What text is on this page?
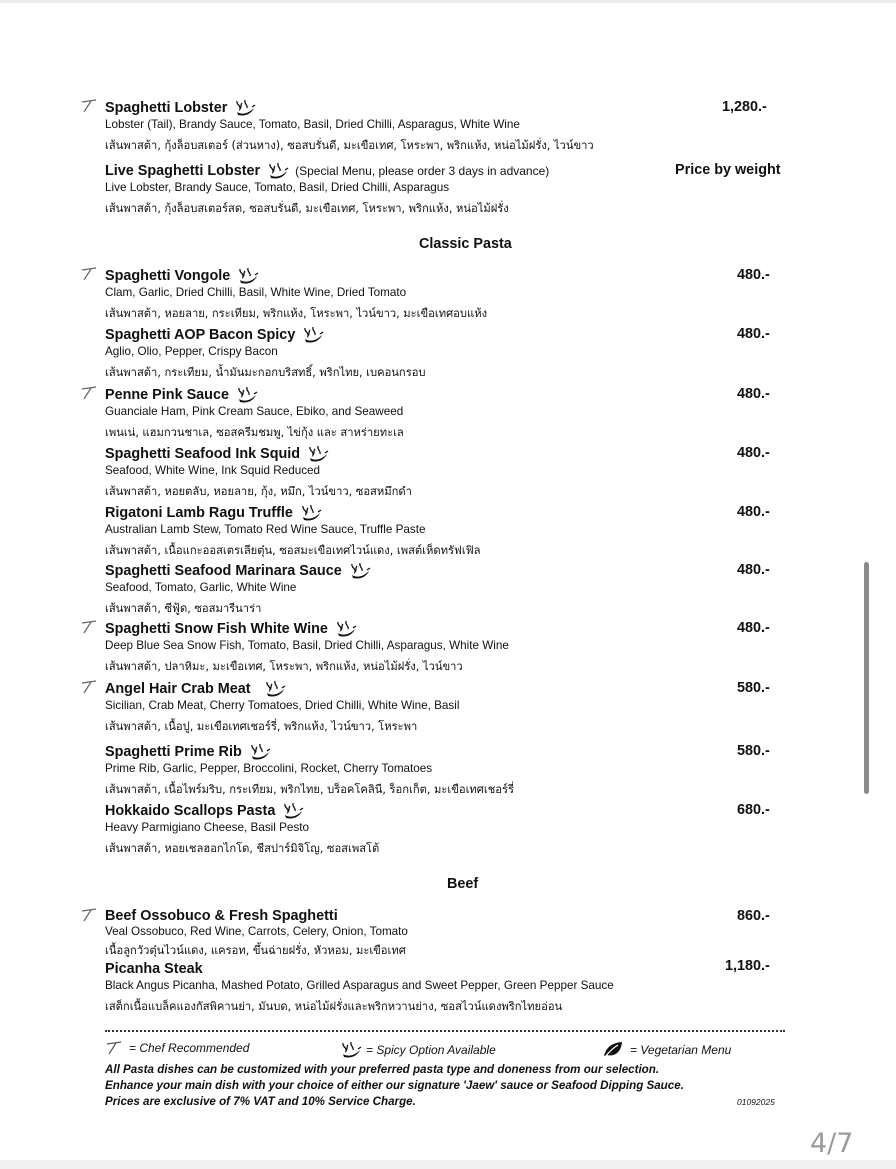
Spaghetti Lobster	1,280.-
Lobster (Tail), Brandy Sauce, Tomato, Basil, Dried Chilli, Asparagus, White Wine
เส้นพาสต้า, กุ้งล็อบสเตอร์ (ส่วนหาง), ซอสบรั่นดี, มะเขือเทศ, โหระพา, พริกแห้ง, หน่อไม้ฝรั่ง, ไวน์ขาว
Live Spaghetti Lobster	(Special Menu, please order 3 days in advance)	Price by weight
Live Lobster, Brandy Sauce, Tomato, Basil, Dried Chilli, Asparagus
เส้นพาสต้า, กุ้งล็อบสเตอร์สด, ซอสบรั่นดี, มะเขือเทศ, โหระพา, พริกแห้ง, หน่อไม้ฝรั่ง
Classic Pasta
Spaghetti Vongole	480.-
Clam, Garlic, Dried Chilli, Basil, White Wine, Dried Tomato
เส้นพาสต้า, หอยลาย, กระเทียม, พริกแห้ง, โหระพา, ไวน์ขาว, มะเขือเทศอบแห้ง
Spaghetti AOP Bacon Spicy	480.-
Aglio, Olio, Pepper, Crispy Bacon
เส้นพาสต้า, กระเทียม, น้ำมันมะกอกบริสทธิ์, พริกไทย, เบคอนกรอบ
Penne Pink Sauce	480.-
Guanciale Ham, Pink Cream Sauce, Ebiko, and Seaweed
เพนเน่, แฮมกวนชาเล, ซอสครีมชมพู, ไข่กุ้ง และ สาหร่ายทะเล
Spaghetti Seafood Ink Squid	480.-
Seafood, White Wine, Ink Squid Reduced
เส้นพาสต้า, หอยตลับ, หอยลาย, กุ้ง, หมึก, ไวน์ขาว, ซอสหมึกดำ
Rigatoni Lamb Ragu Truffle	480.-
Australian Lamb Stew, Tomato Red Wine Sauce, Truffle Paste
เส้นพาสต้า, เนื้อแกะออสเตรเลียตุ๋น, ซอสมะเขือเทศไวน์แดง, เพสต์เห็ดทรัฟเฟิล
Spaghetti Seafood Marinara Sauce	480.-
Seafood, Tomato, Garlic, White Wine
เส้นพาสต้า, ซีฟู้ด, ซอสมารีนาร่า
Spaghetti Snow Fish White Wine	480.-
Deep Blue Sea Snow Fish, Tomato, Basil, Dried Chilli, Asparagus, White Wine
เส้นพาสต้า, ปลาหิมะ, มะเขือเทศ, โหระพา, พริกแห้ง, หน่อไม้ฝรั่ง, ไวน์ขาว
Angel Hair Crab Meat	580.-
Sicilian, Crab Meat, Cherry Tomatoes, Dried Chilli, White Wine, Basil
เส้นพาสต้า, เนื้อปู, มะเขือเทศเชอร์รี่, พริกแห้ง, ไวน์ขาว, โหระพา
Spaghetti Prime Rib	580.-
Prime Rib, Garlic, Pepper, Broccolini, Rocket, Cherry Tomatoes
เส้นพาสต้า, เนื้อไพร์มริบ, กระเทียม, พริกไทย, บร็อคโคลินี, ร็อกเก็ต, มะเขือเทศเชอร์รี่
Hokkaido Scallops Pasta	680.-
Heavy Parmigiano Cheese, Basil Pesto
เส้นพาสต้า, หอยเชลฮอกไกโด, ชีสปาร์มิจิโญ, ซอสเพสโต้
Beef
Beef Ossobuco & Fresh Spaghetti	860.-
Veal Ossobuco, Red Wine, Carrots, Celery, Onion, Tomato
เนื้อลูกวัวตุ๋นไวน์แดง, แครอท, ขึ้นฉ่ายฝรั่ง, หัวหอม, มะเขือเทศ
Picanha Steak	1,180.-
Black Angus Picanha, Mashed Potato, Grilled Asparagus and Sweet Pepper, Green Pepper Sauce
เสต็กเนื้อแบล็คแองกัสพิคานย่า, มันบด, หน่อไม้ฝรั่งและพริกหวานย่าง, ซอสไวน์แดงพริกไทยอ่อน
= Chef Recommended	= Spicy Option Available	= Vegetarian Menu
All Pasta dishes can be customized with your preferred pasta type and doneness from our selection.
Enhance your main dish with your choice of either our signature 'Jaew' sauce or Seafood Dipping Sauce.
Prices are exclusive of 7% VAT and 10% Service Charge.	01092025
4/7
